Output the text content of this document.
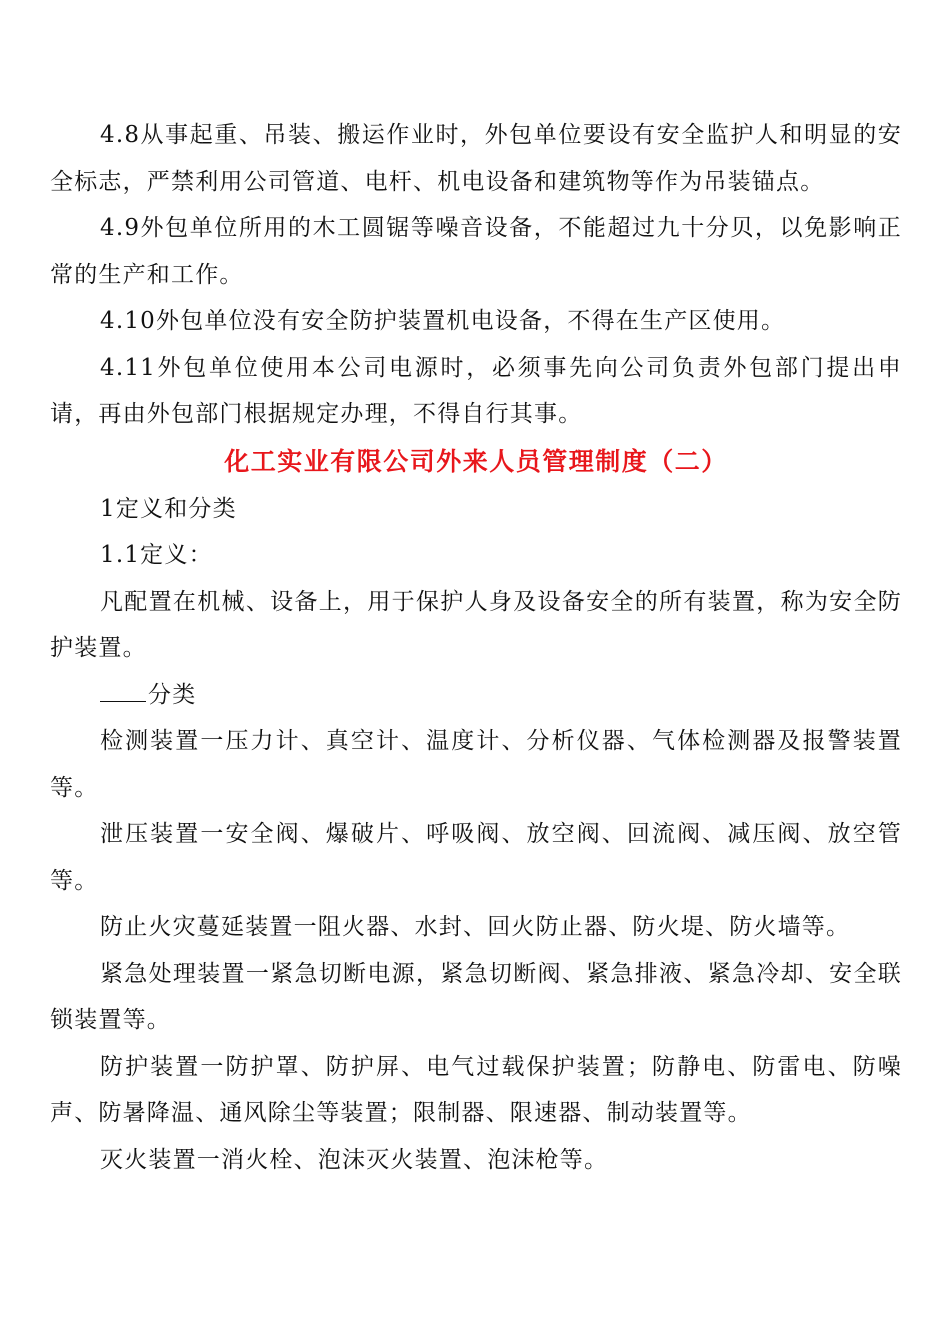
4.8从事起重、吊装、搬运作业时，外包单位要设有安全监护人和明显的安全标志，严禁利用公司管道、电杆、机电设备和建筑物等作为吊装锚点。

4.9外包单位所用的木工圆锯等噪音设备，不能超过九十分贝，以免影响正常的生产和工作。

4.10外包单位没有安全防护装置机电设备，不得在生产区使用。

4.11外包单位使用本公司电源时，必须事先向公司负责外包部门提出申请，再由外包部门根据规定办理，不得自行其事。

化工实业有限公司外来人员管理制度（二）

1定义和分类

1.1定义：

凡配置在机械、设备上，用于保护人身及设备安全的所有装置，称为安全防护装置。

分类

检测装置一压力计、真空计、温度计、分析仪器、气体检测器及报警装置等。

泄压装置一安全阀、爆破片、呼吸阀、放空阀、回流阀、减压阀、放空管等。

防止火灾蔓延装置一阻火器、水封、回火防止器、防火堤、防火墙等。

紧急处理装置一紧急切断电源，紧急切断阀、紧急排液、紧急冷却、安全联锁装置等。

防护装置一防护罩、防护屏、电气过载保护装置；防静电、防雷电、防噪声、防暑降温、通风除尘等装置；限制器、限速器、制动装置等。

灭火装置一消火栓、泡沫灭火装置、泡沫枪等。
